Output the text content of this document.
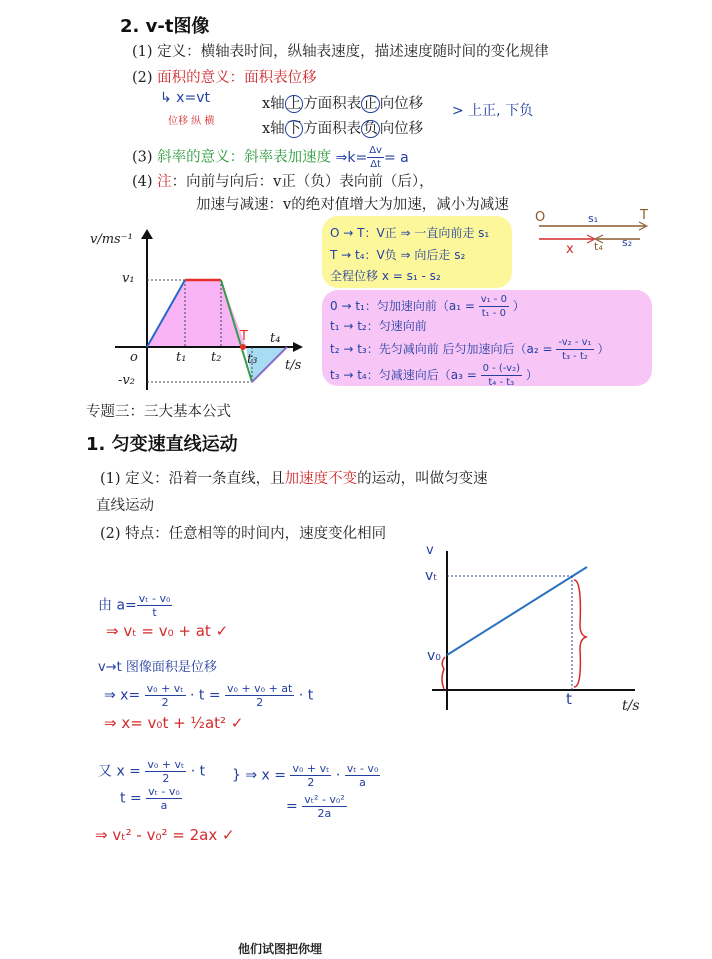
2. v-t图像
(1) 定义：横轴表时间，纵轴表速度，描述速度随时间的变化规律
(2) 面积的意义：面积表位移
↳ x=vt
位移 纵 横
x轴 上 方面积表 正 向位移
x轴 下 方面积表 负 向位移
> 上正, 下负
(3) 斜率的意义：斜率表加速度 ⇒k= $\frac{\Delta v}{\Delta t} = a$
(4) 注：向前与向后：v正（负）表向前（后），
加速与减速：v的绝对值增大为加速，减小为减速
v/ms⁻¹
v₁
-v₂
o	t₁ t₂ t₃
t₄
T
t/s
O → T：V正 ⇒ 一直向前走 s₁
T → t₄：V负 ⇒ 向后走 s₂
全程位移 x = s₁ - s₂
0 → t₁：匀加速向前（$a_1 = \frac{\text{v₁ - 0}}{\text{t₁ - 0}}$ ）
t₁ → t₂：匀速向前
t₂ → t₃：先匀减向前 后匀加速向后（$a_2 = \frac{\text{-v₂ - v₁}}{\text{t₃ - t₂}}$ ）
t₃ → t₄：匀减速向后（$a_3 = \frac{\text{0 - (-v₂)}}{\text{t₄ - t₃}}$ ）
O	T
s₁
s₂
t₄
x
专题三：三大基本公式
1. 匀变速直线运动
(1) 定义：沿着一条直线，且加速度不变的运动，叫做匀变速
直线运动
(2) 特点：任意相等的时间内，速度变化相同
v
vₜ
v₀
t	t/s
由 $a= \frac{\text{vₜ - v₀}}{t}$
⇒ vₜ = v₀ + at ✓
v→t 图像面积是位移
⇒ $x= \frac{\text{v₀ + vₜ}}{2} \cdot t = \frac{\text{v₀ + v₀ + at}}{2} \cdot t$
⇒ x= v₀t + ½at² ✓
又 $x = \frac{\text{v₀ + vₜ}}{2} \cdot t$
$t = \frac{\text{vₜ - v₀}}{a}$
} ⇒ $x = \frac{\text{v₀ + vₜ}}{2} \cdot \frac{\text{vₜ - v₀}}{a}$
= $\frac{\text{vₜ² - v₀²}}{2a}$
⇒ vₜ² - v₀² = 2ax ✓
他们试图把你埋
